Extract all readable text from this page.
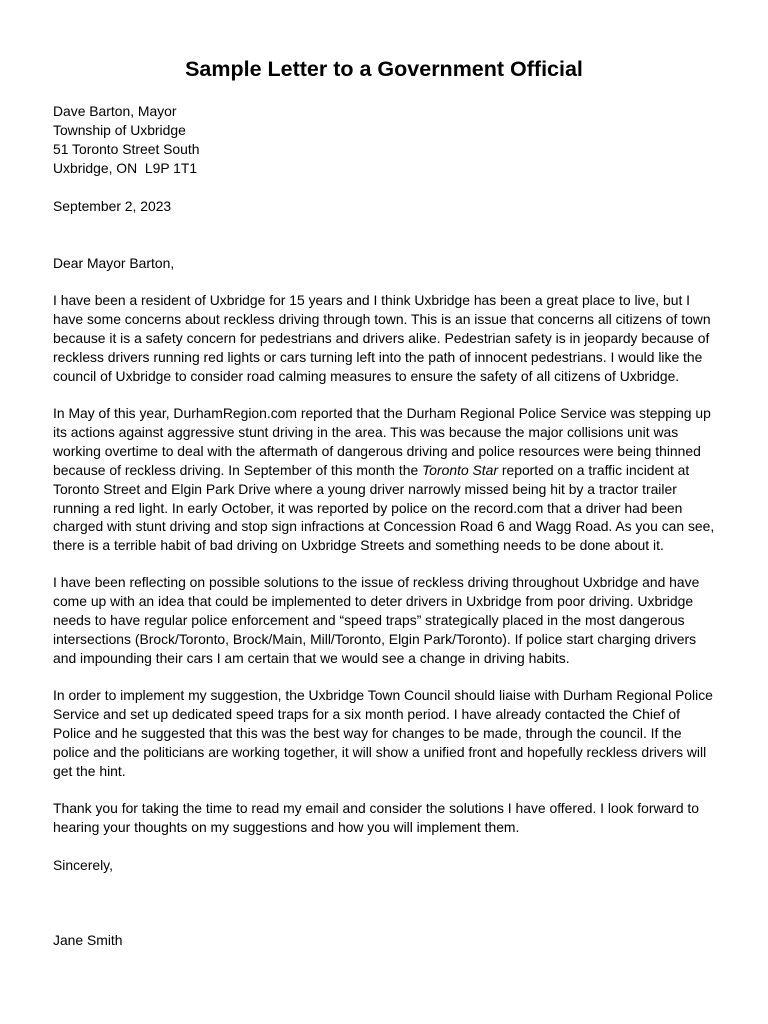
Sample Letter to a Government Official
Dave Barton, Mayor
Township of Uxbridge
51 Toronto Street South
Uxbridge, ON  L9P 1T1

September 2, 2023

Dear Mayor Barton,

I have been a resident of Uxbridge for 15 years and I think Uxbridge has been a great place to live, but I have some concerns about reckless driving through town. This is an issue that concerns all citizens of town because it is a safety concern for pedestrians and drivers alike. Pedestrian safety is in jeopardy because of reckless drivers running red lights or cars turning left into the path of innocent pedestrians. I would like the council of Uxbridge to consider road calming measures to ensure the safety of all citizens of Uxbridge.

In May of this year, DurhamRegion.com reported that the Durham Regional Police Service was stepping up its actions against aggressive stunt driving in the area. This was because the major collisions unit was working overtime to deal with the aftermath of dangerous driving and police resources were being thinned because of reckless driving. In September of this month the Toronto Star reported on a traffic incident at Toronto Street and Elgin Park Drive where a young driver narrowly missed being hit by a tractor trailer running a red light. In early October, it was reported by police on the record.com that a driver had been charged with stunt driving and stop sign infractions at Concession Road 6 and Wagg Road. As you can see, there is a terrible habit of bad driving on Uxbridge Streets and something needs to be done about it.

I have been reflecting on possible solutions to the issue of reckless driving throughout Uxbridge and have come up with an idea that could be implemented to deter drivers in Uxbridge from poor driving. Uxbridge needs to have regular police enforcement and “speed traps” strategically placed in the most dangerous intersections (Brock/Toronto, Brock/Main, Mill/Toronto, Elgin Park/Toronto). If police start charging drivers and impounding their cars I am certain that we would see a change in driving habits.

In order to implement my suggestion, the Uxbridge Town Council should liaise with Durham Regional Police Service and set up dedicated speed traps for a six month period. I have already contacted the Chief of Police and he suggested that this was the best way for changes to be made, through the council. If the police and the politicians are working together, it will show a unified front and hopefully reckless drivers will get the hint.

Thank you for taking the time to read my email and consider the solutions I have offered. I look forward to hearing your thoughts on my suggestions and how you will implement them.

Sincerely,

Jane Smith
